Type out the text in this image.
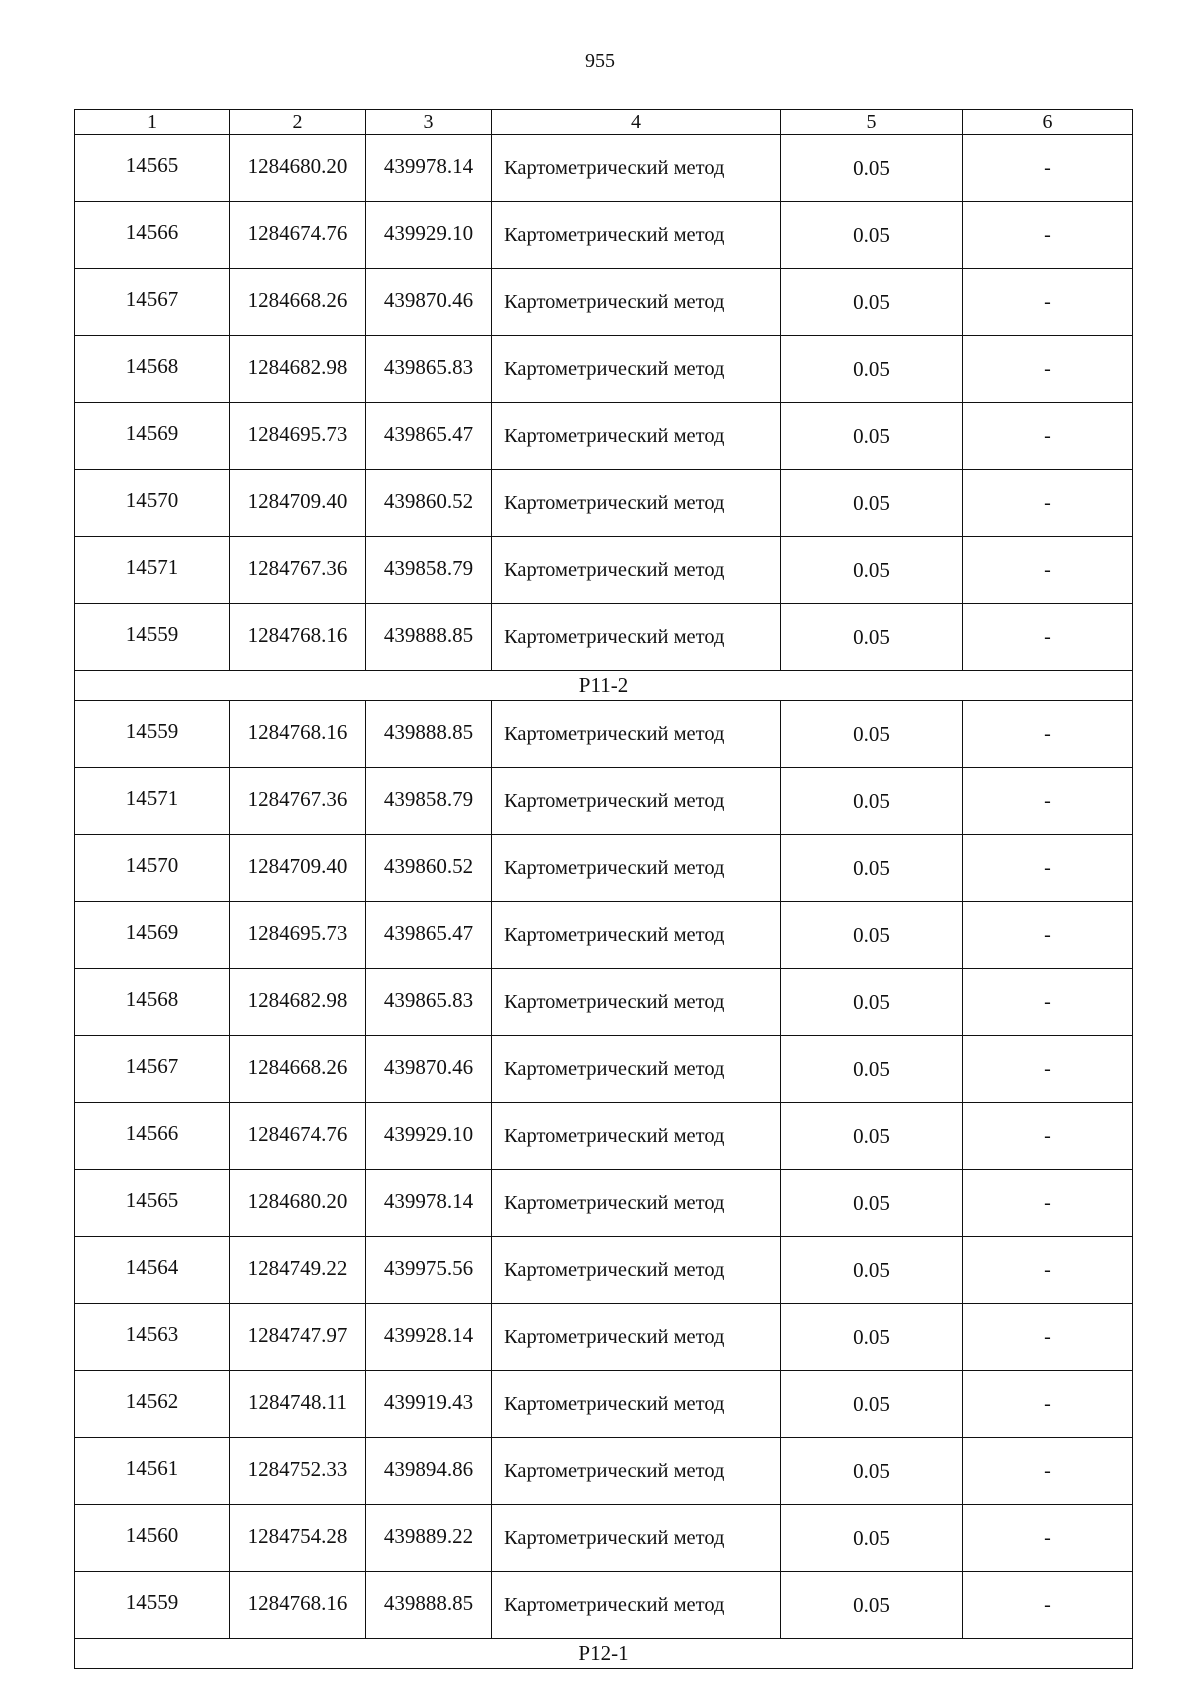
955
1	2	3	4	5	6
14565	1284680.20	439978.14	Картометрический метод	0.05	-
14566	1284674.76	439929.10	Картометрический метод	0.05	-
14567	1284668.26	439870.46	Картометрический метод	0.05	-
14568	1284682.98	439865.83	Картометрический метод	0.05	-
14569	1284695.73	439865.47	Картометрический метод	0.05	-
14570	1284709.40	439860.52	Картометрический метод	0.05	-
14571	1284767.36	439858.79	Картометрический метод	0.05	-
14559	1284768.16	439888.85	Картометрический метод	0.05	-
Р11-2					
14559	1284768.16	439888.85	Картометрический метод	0.05	-
14571	1284767.36	439858.79	Картометрический метод	0.05	-
14570	1284709.40	439860.52	Картометрический метод	0.05	-
14569	1284695.73	439865.47	Картометрический метод	0.05	-
14568	1284682.98	439865.83	Картометрический метод	0.05	-
14567	1284668.26	439870.46	Картометрический метод	0.05	-
14566	1284674.76	439929.10	Картометрический метод	0.05	-
14565	1284680.20	439978.14	Картометрический метод	0.05	-
14564	1284749.22	439975.56	Картометрический метод	0.05	-
14563	1284747.97	439928.14	Картометрический метод	0.05	-
14562	1284748.11	439919.43	Картометрический метод	0.05	-
14561	1284752.33	439894.86	Картометрический метод	0.05	-
14560	1284754.28	439889.22	Картометрический метод	0.05	-
14559	1284768.16	439888.85	Картометрический метод	0.05	-
Р12-1					
